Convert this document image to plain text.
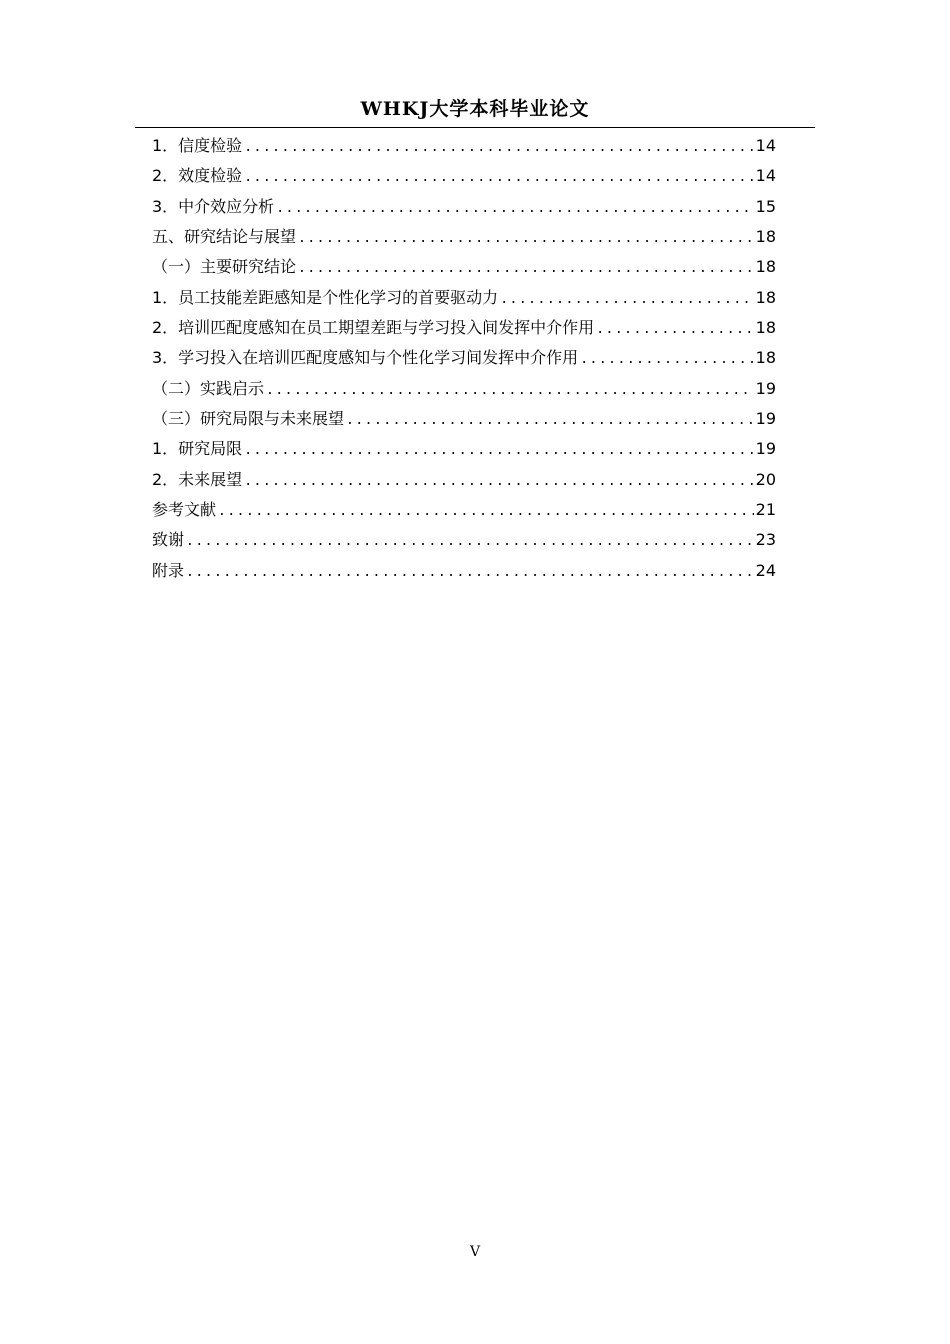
WHKJ大学本科毕业论文
1．信度检验 .....	14
2．效度检验 .....	14
3．中介效应分析 .....	15
五、研究结论与展望 .....	18
（一）主要研究结论 .....	18
1．员工技能差距感知是个性化学习的首要驱动力 .....	18
2．培训匹配度感知在员工期望差距与学习投入间发挥中介作用 .....	18
3．学习投入在培训匹配度感知与个性化学习间发挥中介作用 .....	18
（二）实践启示 .....	19
（三）研究局限与未来展望 .....	19
1．研究局限 .....	19
2．未来展望 .....	20
参考文献 .....	21
致谢 .....	23
附录 .....	24
V
